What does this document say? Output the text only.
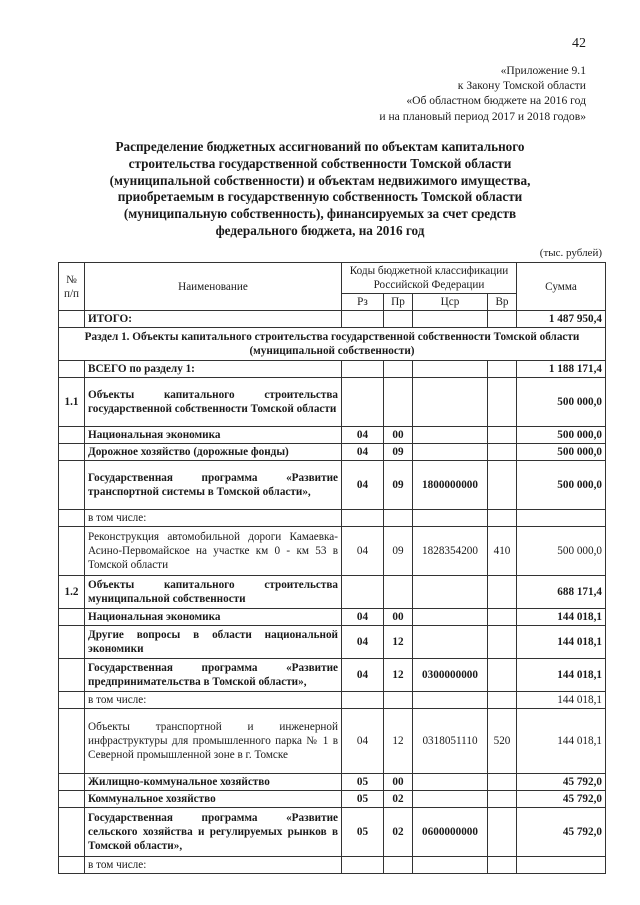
42
«Приложение 9.1
к Закону Томской области
«Об областном бюджете на 2016 год
и на плановый период 2017 и 2018 годов»
Распределение бюджетных ассигнований по объектам капитального
строительства государственной собственности Томской области
(муниципальной собственности) и объектам недвижимого имущества,
приобретаемым в государственную собственность Томской области
(муниципальную собственность), финансируемых за счет средств
федерального бюджета, на 2016 год
(тыс. рублей)
№ п/п	Наименование	Коды бюджетной классификации Российской Федерации				Сумма
		Рз	Пр	Цср	Вр	
	ИТОГО:					1 487 950,4
Раздел 1. Объекты капитального строительства государственной собственности Томской области (муниципальной собственности)						
	ВСЕГО по разделу 1:					1 188 171,4
1.1	Объекты капитального строительства государственной собственности Томской области					500 000,0
	Национальная экономика	04	00			500 000,0
	Дорожное хозяйство (дорожные фонды)	04	09			500 000,0
	Государственная программа «Развитие транспортной системы в Томской области»,	04	09	1800000000		500 000,0
	в том числе:					
	Реконструкция автомобильной дороги Камаевка-Асино-Первомайское на участке км 0 - км 53 в Томской области	04	09	1828354200	410	500 000,0
1.2	Объекты капитального строительства муниципальной собственности					688 171,4
	Национальная экономика	04	00			144 018,1
	Другие вопросы в области национальной экономики	04	12			144 018,1
	Государственная программа «Развитие предпринимательства в Томской области»,	04	12	0300000000		144 018,1
	в том числе:					144 018,1
	Объекты транспортной и инженерной инфраструктуры для промышленного парка № 1 в Северной промышленной зоне в г. Томске	04	12	0318051110	520	144 018,1
	Жилищно-коммунальное хозяйство	05	00			45 792,0
	Коммунальное хозяйство	05	02			45 792,0
	Государственная программа «Развитие сельского хозяйства и регулируемых рынков в Томской области»,	05	02	0600000000		45 792,0
	в том числе:					
